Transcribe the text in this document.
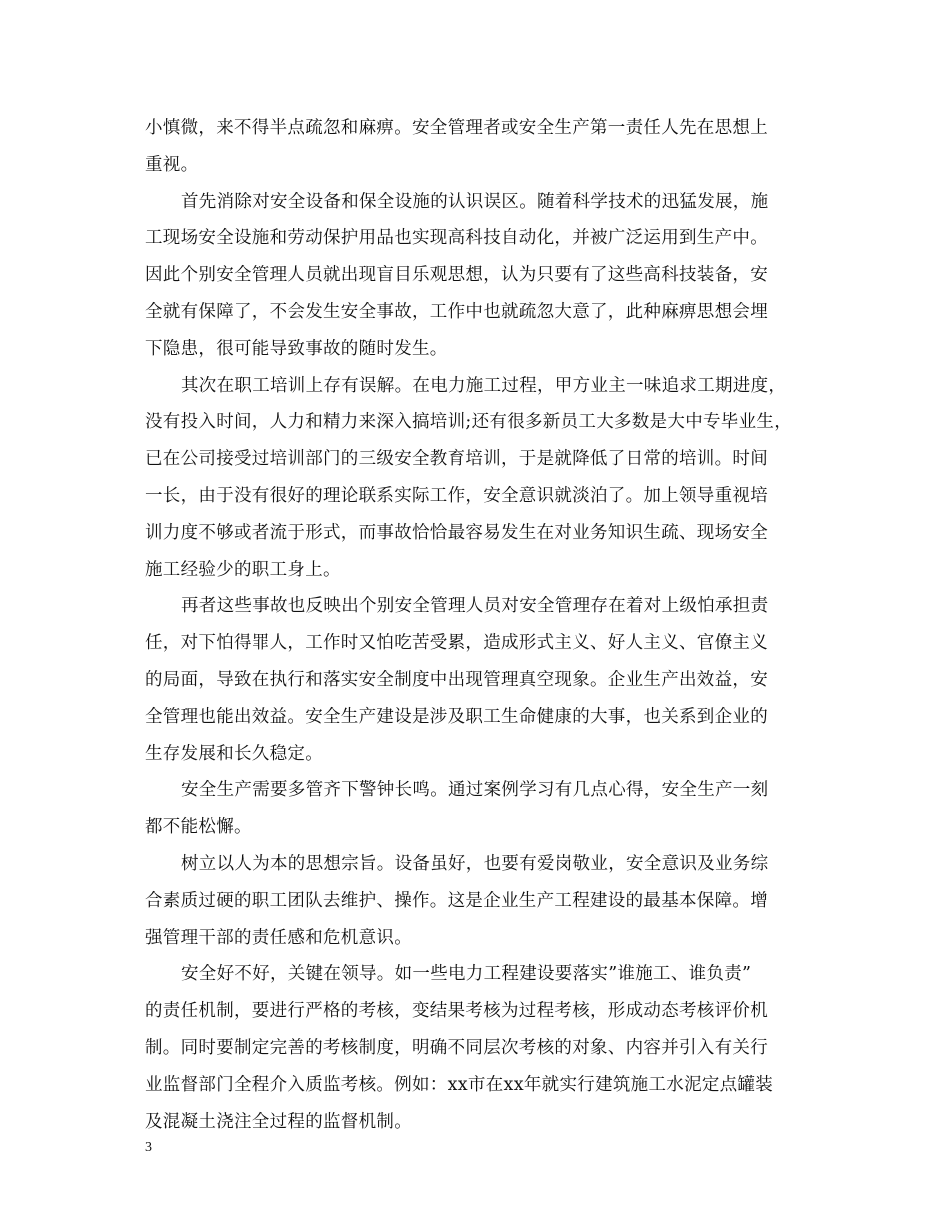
小慎微，来不得半点疏忽和麻痹。安全管理者或安全生产第一责任人先在思想上
重视。

首先消除对安全设备和保全设施的认识误区。随着科学技术的迅猛发展，施
工现场安全设施和劳动保护用品也实现高科技自动化，并被广泛运用到生产中。
因此个别安全管理人员就出现盲目乐观思想，认为只要有了这些高科技装备，安
全就有保障了，不会发生安全事故，工作中也就疏忽大意了，此种麻痹思想会埋
下隐患，很可能导致事故的随时发生。

其次在职工培训上存有误解。在电力施工过程，甲方业主一味追求工期进度，
没有投入时间，人力和精力来深入搞培训;还有很多新员工大多数是大中专毕业生，
已在公司接受过培训部门的三级安全教育培训，于是就降低了日常的培训。时间
一长，由于没有很好的理论联系实际工作，安全意识就淡泊了。加上领导重视培
训力度不够或者流于形式，而事故恰恰最容易发生在对业务知识生疏、现场安全
施工经验少的职工身上。

再者这些事故也反映出个别安全管理人员对安全管理存在着对上级怕承担责
任，对下怕得罪人，工作时又怕吃苦受累，造成形式主义、好人主义、官僚主义
的局面，导致在执行和落实安全制度中出现管理真空现象。企业生产出效益，安
全管理也能出效益。安全生产建设是涉及职工生命健康的大事，也关系到企业的
生存发展和长久稳定。

安全生产需要多管齐下警钟长鸣。通过案例学习有几点心得，安全生产一刻
都不能松懈。

树立以人为本的思想宗旨。设备虽好，也要有爱岗敬业，安全意识及业务综
合素质过硬的职工团队去维护、操作。这是企业生产工程建设的最基本保障。增
强管理干部的责任感和危机意识。

安全好不好，关键在领导。如一些电力工程建设要落实”谁施工、谁负责”
的责任机制，要进行严格的考核，变结果考核为过程考核，形成动态考核评价机
制。同时要制定完善的考核制度，明确不同层次考核的对象、内容并引入有关行
业监督部门全程介入质监考核。例如：xx市在xx年就实行建筑施工水泥定点罐装
及混凝土浇注全过程的监督机制。

3
